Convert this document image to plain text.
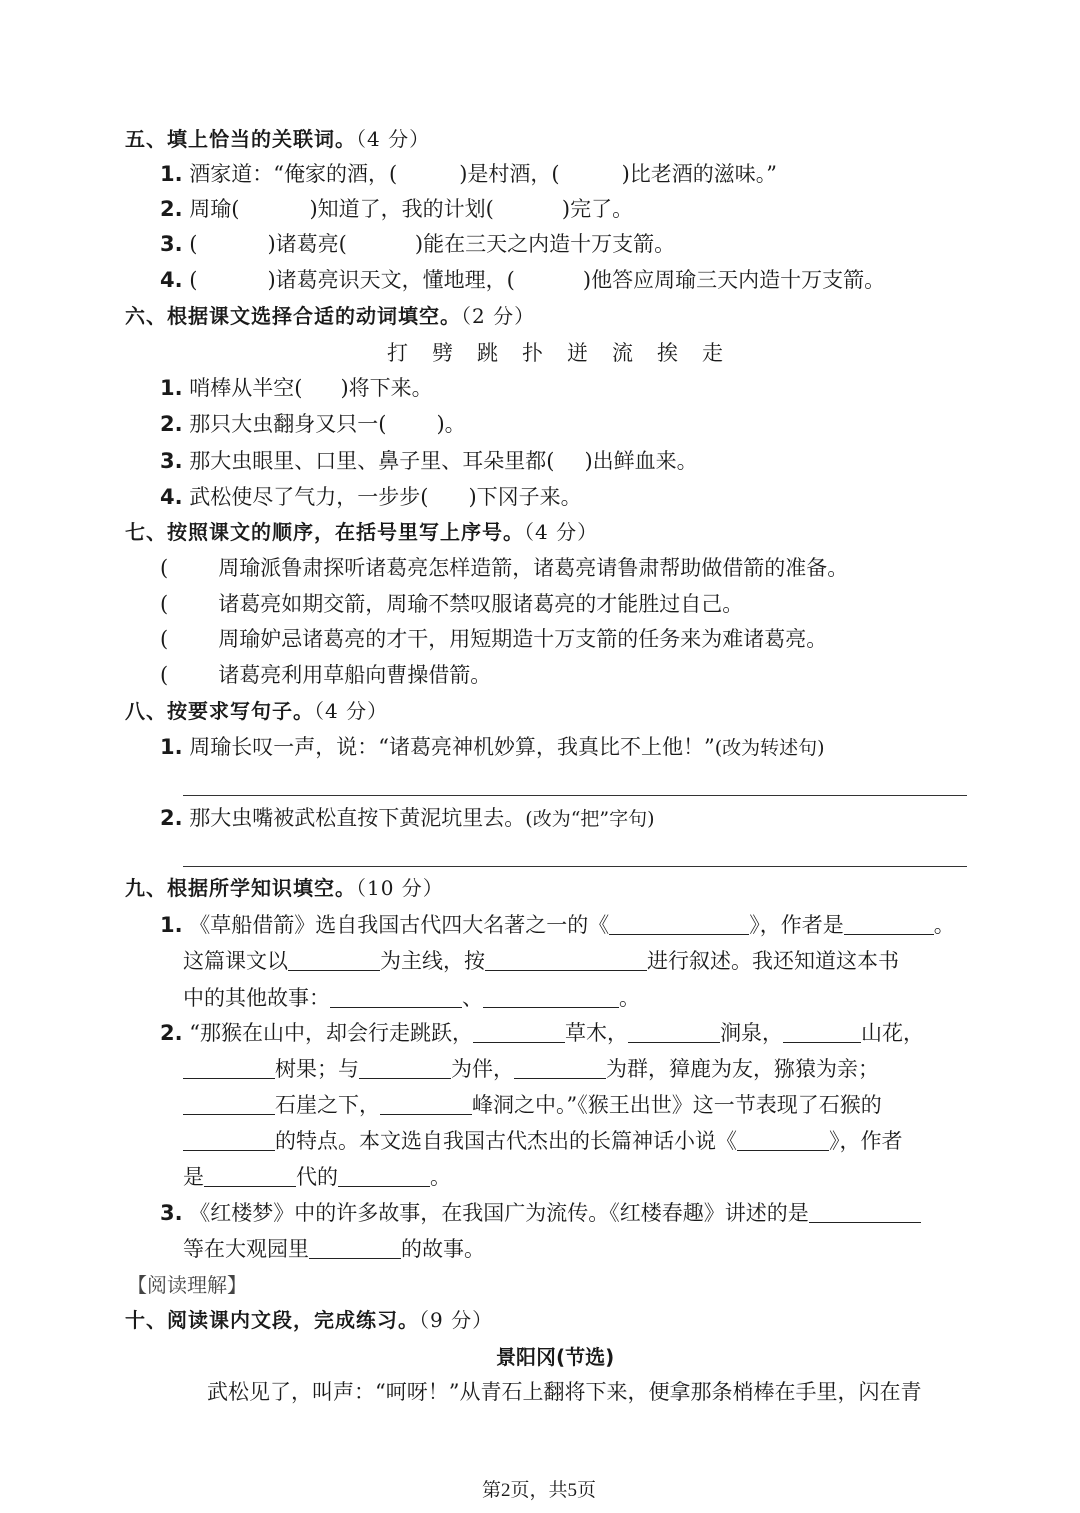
五、填上恰当的关联词。（4 分）
1. 酒家道：“俺家的酒，(	)是村酒，(	)比老酒的滋味。”
2. 周瑜(	)知道了，我的计划(	)完了。
3. (	)诸葛亮(	)能在三天之内造十万支箭。
4. (	)诸葛亮识天文，懂地理，(	)他答应周瑜三天内造十万支箭。
六、根据课文选择合适的动词填空。（2 分）
打 劈 跳 扑 迸 流 挨 走
1. 哨棒从半空( )将下来。
2. 那只大虫翻身又只一( )。
3. 那大虫眼里、口里、鼻子里、耳朵里都( )出鲜血来。
4. 武松使尽了气力，一步步( )下冈子来。
七、按照课文的顺序，在括号里写上序号。（4 分）
( 周瑜派鲁肃探听诸葛亮怎样造箭，诸葛亮请鲁肃帮助做借箭的准备。
( 诸葛亮如期交箭，周瑜不禁叹服诸葛亮的才能胜过自己。
( 周瑜妒忌诸葛亮的才干，用短期造十万支箭的任务来为难诸葛亮。
( 诸葛亮利用草船向曹操借箭。
八、按要求写句子。（4 分）
1. 周瑜长叹一声，说：“诸葛亮神机妙算，我真比不上他！”(改为转述句)
2. 那大虫嘴被武松直按下黄泥坑里去。(改为“把”字句)
九、根据所学知识填空。（10 分）
1. 《草船借箭》选自我国古代四大名著之一的《	》，作者是	。
这篇课文以	为主线，按	进行叙述。我还知道这本书
中的其他故事：	、	。
2. “那猴在山中，却会行走跳跃，	草木，	涧泉，	山花，
树果；与	为伴，	为群，獐鹿为友，猕猿为亲；
石崖之下，	峰洞之中。”《猴王出世》这一节表现了石猴的
的特点。本文选自我国古代杰出的长篇神话小说《	》，作者
是	代的	。
3. 《红楼梦》中的许多故事，在我国广为流传。《红楼春趣》讲述的是
等在大观园里	的故事。
【阅读理解】
十、阅读课内文段，完成练习。（9 分）
景阳冈(节选)
武松见了，叫声：“呵呀！”从青石上翻将下来，便拿那条梢棒在手里，闪在青
第2页，共5页
